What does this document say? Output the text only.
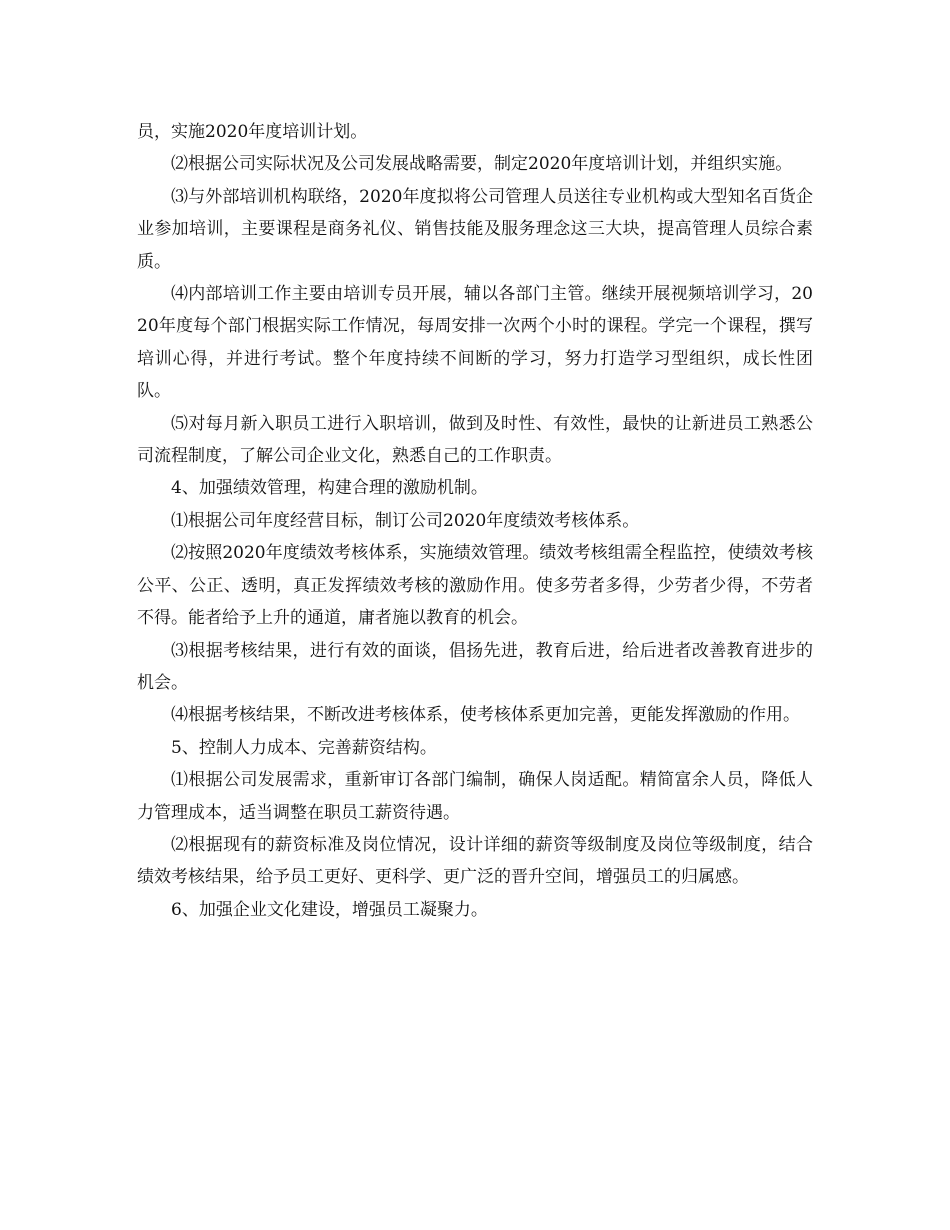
员，实施2020年度培训计划。

⑵根据公司实际状况及公司发展战略需要，制定2020年度培训计划，并组织实施。

⑶与外部培训机构联络，2020年度拟将公司管理人员送往专业机构或大型知名百货企业参加培训，主要课程是商务礼仪、销售技能及服务理念这三大块，提高管理人员综合素质。

⑷内部培训工作主要由培训专员开展，辅以各部门主管。继续开展视频培训学习，2020年度每个部门根据实际工作情况，每周安排一次两个小时的课程。学完一个课程，撰写培训心得，并进行考试。整个年度持续不间断的学习，努力打造学习型组织，成长性团队。

⑸对每月新入职员工进行入职培训，做到及时性、有效性，最快的让新进员工熟悉公司流程制度，了解公司企业文化，熟悉自己的工作职责。

4、加强绩效管理，构建合理的激励机制。

⑴根据公司年度经营目标，制订公司2020年度绩效考核体系。

⑵按照2020年度绩效考核体系，实施绩效管理。绩效考核组需全程监控，使绩效考核公平、公正、透明，真正发挥绩效考核的激励作用。使多劳者多得，少劳者少得，不劳者不得。能者给予上升的通道，庸者施以教育的机会。

⑶根据考核结果，进行有效的面谈，倡扬先进，教育后进，给后进者改善教育进步的机会。

⑷根据考核结果，不断改进考核体系，使考核体系更加完善，更能发挥激励的作用。

5、控制人力成本、完善薪资结构。

⑴根据公司发展需求，重新审订各部门编制，确保人岗适配。精简富余人员，降低人力管理成本，适当调整在职员工薪资待遇。

⑵根据现有的薪资标准及岗位情况，设计详细的薪资等级制度及岗位等级制度，结合绩效考核结果，给予员工更好、更科学、更广泛的晋升空间，增强员工的归属感。

6、加强企业文化建设，增强员工凝聚力。
